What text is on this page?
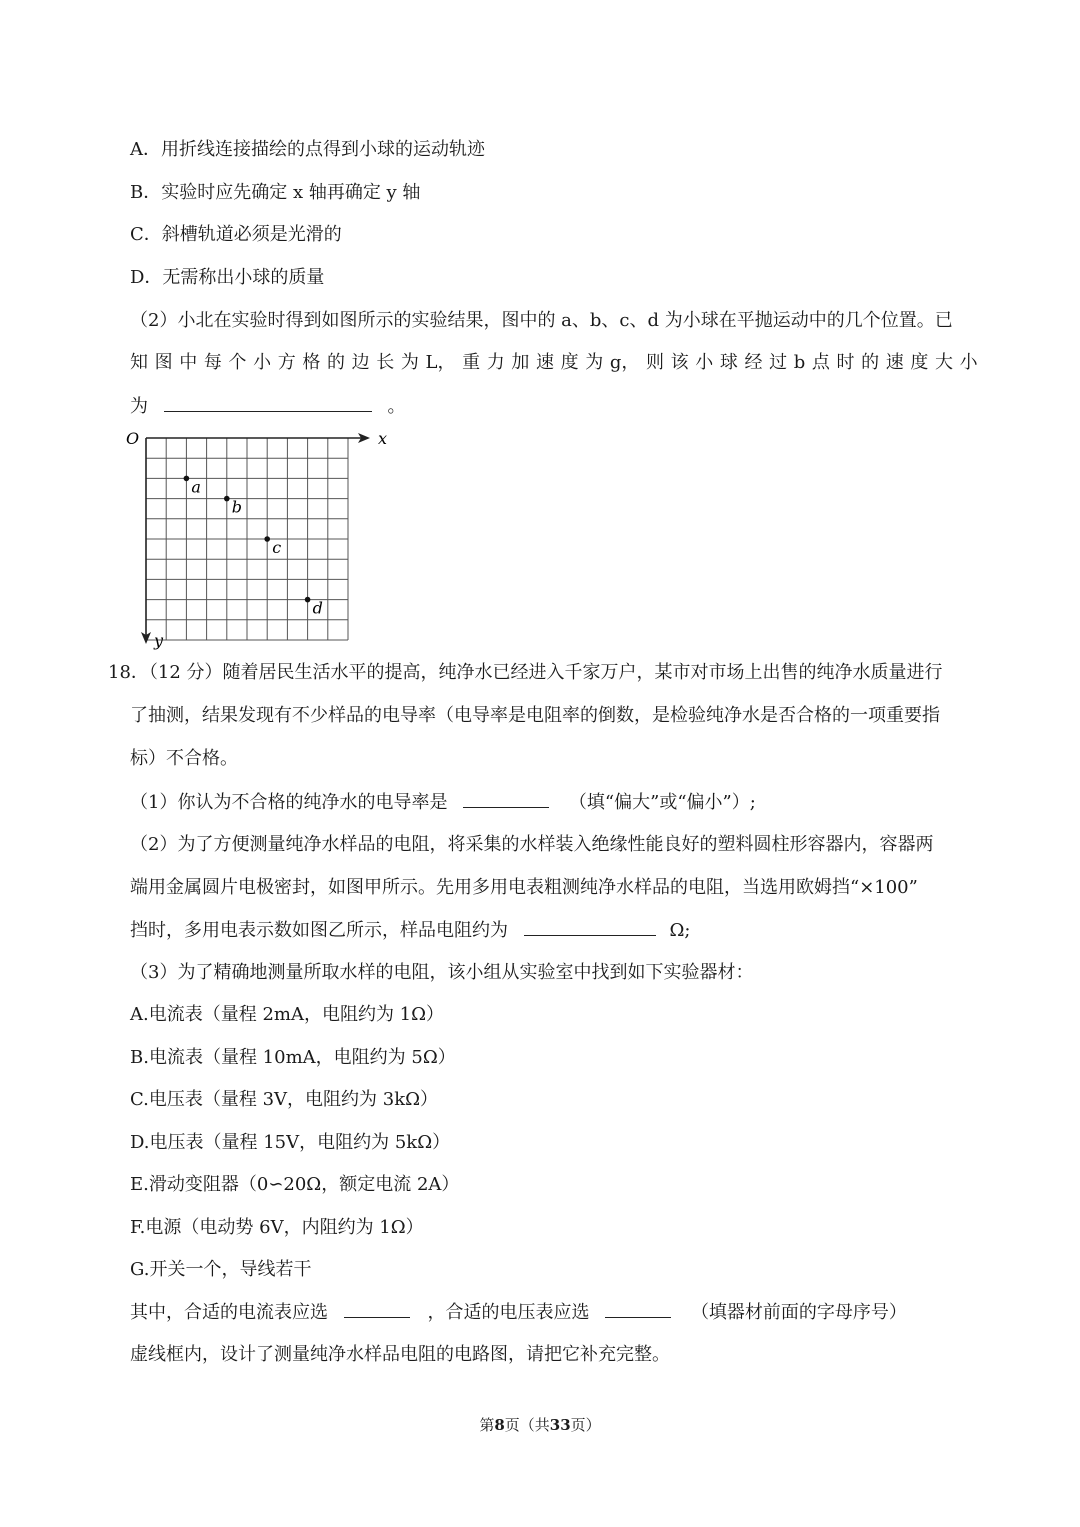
A．用折线连接描绘的点得到小球的运动轨迹
B．实验时应先确定 x 轴再确定 y 轴
C．斜槽轨道必须是光滑的
D．无需称出小球的质量
（2）小北在实验时得到如图所示的实验结果，图中的 a、b、c、d 为小球在平抛运动中的几个位置。已
知 图 中 每 个 小 方 格 的 边 长 为 L， 重 力 加 速 度 为 g， 则 该 小 球 经 过 b 点 时 的 速 度 大 小
为	。
O	x
y
a
b
c
d
18．（12 分）随着居民生活水平的提高，纯净水已经进入千家万户，某市对市场上出售的纯净水质量进行
了抽测，结果发现有不少样品的电导率（电导率是电阻率的倒数，是检验纯净水是否合格的一项重要指
标）不合格。
（1）你认为不合格的纯净水的电导率是	（填“偏大”或“偏小”）;
（2）为了方便测量纯净水样品的电阻，将采集的水样装入绝缘性能良好的塑料圆柱形容器内，容器两
端用金属圆片电极密封，如图甲所示。先用多用电表粗测纯净水样品的电阻，当选用欧姆挡“×100”
挡时，多用电表示数如图乙所示，样品电阻约为	Ω;
（3）为了精确地测量所取水样的电阻，该小组从实验室中找到如下实验器材：
A.电流表（量程 2mA，电阻约为 1Ω）
B.电流表（量程 10mA，电阻约为 5Ω）
C.电压表（量程 3V，电阻约为 3kΩ）
D.电压表（量程 15V，电阻约为 5kΩ）
E.滑动变阻器（0∽20Ω，额定电流 2A）
F.电源（电动势 6V，内阻约为 1Ω）
G.开关一个，导线若干
其中，合适的电流表应选	，合适的电压表应选	（填器材前面的字母序号）
虚线框内，设计了测量纯净水样品电阻的电路图，请把它补充完整。
第8页（共33页）
